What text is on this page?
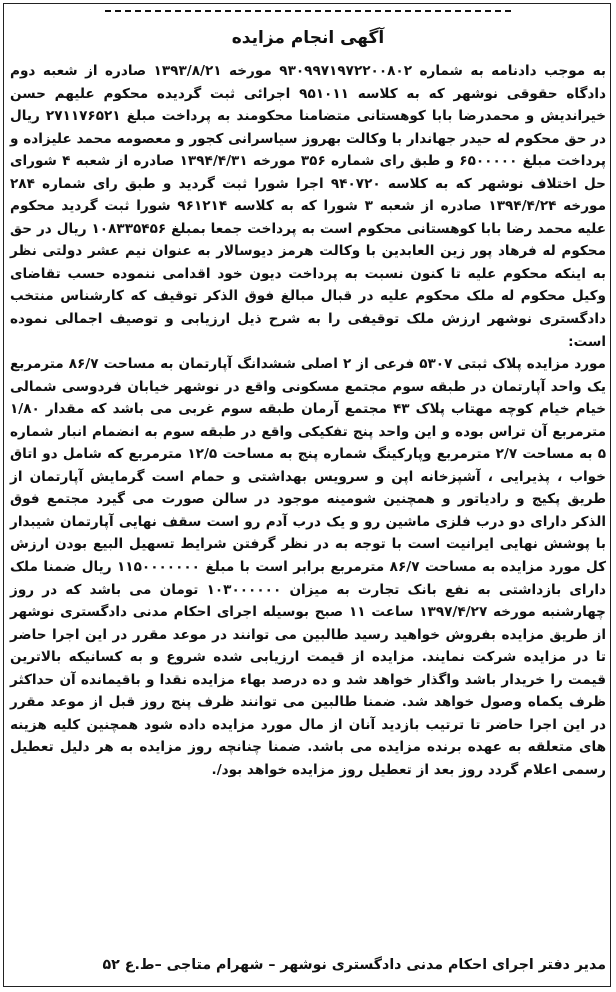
آگهی انجام مزایده

به موجب دادنامه به شماره ۹۳۰۹۹۷۱۹۷۲۲۰۰۸۰۲ مورخه ۱۳۹۳/۸/۲۱ صادره از شعبه دوم دادگاه حقوقی نوشهر که به کلاسه ۹۵۱۰۱۱ اجرائی ثبت گردیده محکوم علیهم حسن خیراندیش و محمدرضا بابا کوهستانی متضامنا محکومند به پرداخت مبلغ ۲۷۱۱۷۶۵۲۱ ریال در حق محکوم له حیدر جهاندار با وکالت بهروز سیاسرانی کجور و معصومه محمد علیزاده و پرداخت مبلغ ۶۵۰۰۰۰۰ و طبق رای شماره ۳۵۶ مورخه ۱۳۹۴/۴/۳۱ صادره از شعبه ۴ شورای حل اختلاف نوشهر که به کلاسه ۹۴۰۷۲۰ اجرا شورا ثبت گردید و طبق رای شماره ۲۸۴ مورخه ۱۳۹۴/۴/۲۴ صادره از شعبه ۳ شورا که به کلاسه ۹۶۱۲۱۴ شورا ثبت گردید محکوم علیه محمد رضا بابا کوهستانی محکوم است به پرداخت جمعا بمبلغ ۱۰۸۳۳۵۴۵۶ ریال در حق محکوم له فرهاد پور زین العابدین با وکالت هرمز دیوسالار به عنوان نیم عشر دولتی نظر به اینکه محکوم علیه تا کنون نسبت به پرداخت دیون خود اقدامی ننموده حسب تقاضای وکیل محکوم له ملک محکوم علیه در قبال مبالغ فوق الذکر توقیف که کارشناس منتخب دادگستری نوشهر ارزش ملک توقیفی را به شرح ذیل ارزیابی و توصیف اجمالی نموده است:

مورد مزایده پلاک ثبتی ۵۳۰۷ فرعی از ۲ اصلی ششدانگ آپارتمان به مساحت ۸۶/۷ مترمربع یک واحد آپارتمان در طبقه سوم مجتمع مسکونی واقع در نوشهر خیابان فردوسی شمالی خیام خیام کوچه مهتاب پلاک ۴۳ مجتمع آرمان طبقه سوم غربی می باشد که مقدار ۱/۸۰ مترمربع آن تراس بوده و این واحد پنج تفکیکی واقع در طبقه سوم به انضمام انبار شماره ۵ به مساحت ۲/۷ مترمربع وپارکینگ شماره پنج به مساحت ۱۲/۵ مترمربع که شامل دو اتاق خواب ، پذیرایی ، آشپزخانه اپن و سرویس بهداشتی و حمام است گرمایش آپارتمان از طریق پکیج و رادیاتور و همچنین شومینه موجود در سالن صورت می گیرد مجتمع فوق الذکر دارای دو درب فلزی ماشین رو و یک درب آدم رو است سقف نهایی آپارتمان شیبدار با پوشش نهایی ایرانیت است با توجه به در نظر گرفتن شرایط تسهیل البیع بودن ارزش کل مورد مزایده به مساحت ۸۶/۷ مترمربع برابر است با مبلغ ۱۱۵۰۰۰۰۰۰۰ ریال ضمنا ملک دارای بازداشتی به نفع بانک تجارت به میزان ۱۰۳۰۰۰۰۰۰ تومان می باشد که در روز چهارشنبه مورخه ۱۳۹۷/۴/۲۷ ساعت ۱۱ صبح بوسیله اجرای احکام مدنی دادگستری نوشهر از طریق مزایده بفروش خواهید رسید طالبین می توانند در موعد مقرر در این اجرا حاضر تا در مزایده شرکت نمایند. مزایده از قیمت ارزیابی شده شروع و به کسانیکه بالاترین قیمت را خریدار باشد واگذار خواهد شد و ده درصد بهاء مزایده نقدا و باقیمانده آن حداکثر ظرف یکماه وصول خواهد شد. ضمنا طالبین می توانند ظرف پنج روز قبل از موعد مقرر در این اجرا حاضر تا ترتیب بازدید آنان از مال مورد مزایده داده شود همچنین کلیه هزینه های متعلقه به عهده برنده مزایده می باشد. ضمنا چنانچه روز مزایده به هر دلیل تعطیل رسمی اعلام گردد روز بعد از تعطیل روز مزایده خواهد بود/.

مدیر دفتر اجرای احکام مدنی دادگستری نوشهر – شهرام متاجی –ط.ع ۵۲
